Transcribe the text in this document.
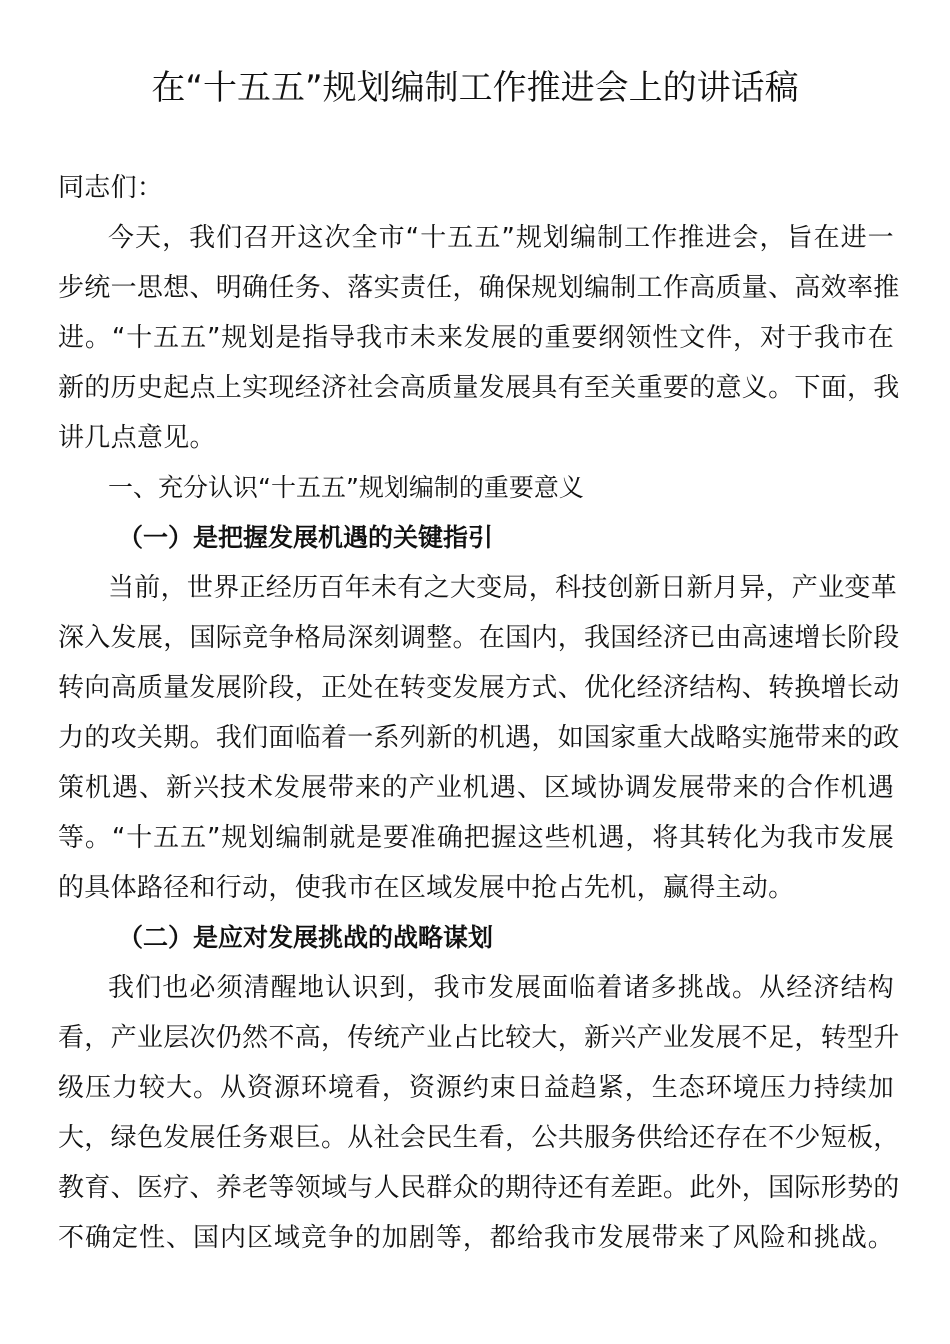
在“十五五”规划编制工作推进会上的讲话稿

同志们：

今天，我们召开这次全市“十五五”规划编制工作推进会，旨在进一
步统一思想、明确任务、落实责任，确保规划编制工作高质量、高效率推
进。“十五五”规划是指导我市未来发展的重要纲领性文件，对于我市在
新的历史起点上实现经济社会高质量发展具有至关重要的意义。下面，我
讲几点意见。

一、充分认识“十五五”规划编制的重要意义

（一）是把握发展机遇的关键指引

当前，世界正经历百年未有之大变局，科技创新日新月异，产业变革
深入发展，国际竞争格局深刻调整。在国内，我国经济已由高速增长阶段
转向高质量发展阶段，正处在转变发展方式、优化经济结构、转换增长动
力的攻关期。我们面临着一系列新的机遇，如国家重大战略实施带来的政
策机遇、新兴技术发展带来的产业机遇、区域协调发展带来的合作机遇
等。“十五五”规划编制就是要准确把握这些机遇，将其转化为我市发展
的具体路径和行动，使我市在区域发展中抢占先机，赢得主动。

（二）是应对发展挑战的战略谋划

我们也必须清醒地认识到，我市发展面临着诸多挑战。从经济结构
看，产业层次仍然不高，传统产业占比较大，新兴产业发展不足，转型升
级压力较大。从资源环境看，资源约束日益趋紧，生态环境压力持续加
大，绿色发展任务艰巨。从社会民生看，公共服务供给还存在不少短板，
教育、医疗、养老等领域与人民群众的期待还有差距。此外，国际形势的
不确定性、国内区域竞争的加剧等，都给我市发展带来了风险和挑战。
